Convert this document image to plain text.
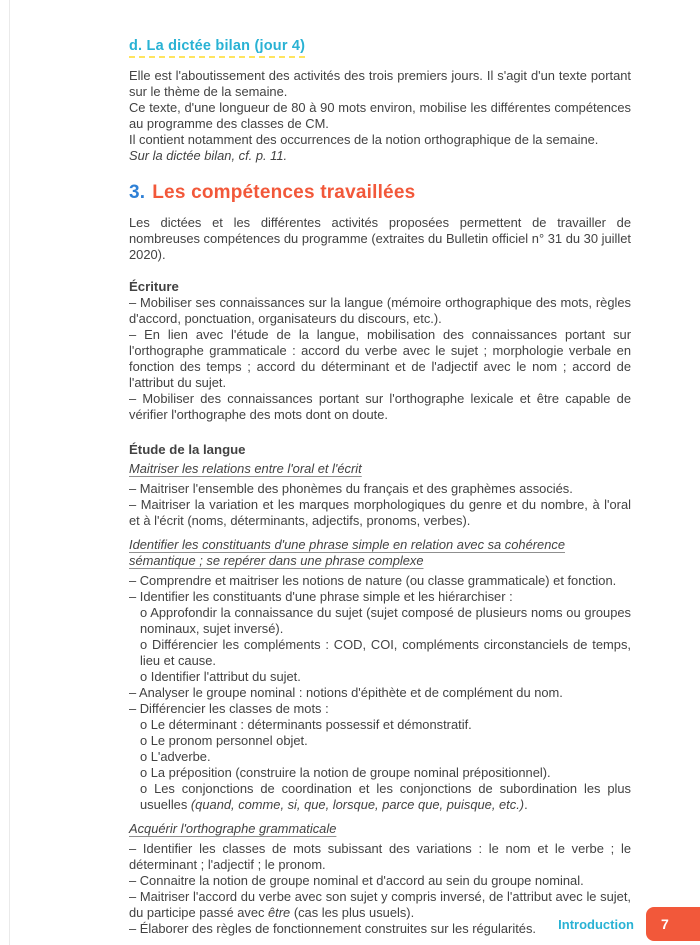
d. La dictée bilan (jour 4)

Elle est l'aboutissement des activités des trois premiers jours. Il s'agit d'un texte portant sur le thème de la semaine.

Ce texte, d'une longueur de 80 à 90 mots environ, mobilise les différentes compétences au programme des classes de CM.

Il contient notamment des occurrences de la notion orthographique de la semaine.

Sur la dictée bilan, cf. p. 11.

3. Les compétences travaillées

Les dictées et les différentes activités proposées permettent de travailler de nombreuses compétences du programme (extraites du Bulletin officiel n° 31 du 30 juillet 2020).

Écriture

– Mobiliser ses connaissances sur la langue (mémoire orthographique des mots, règles d'accord, ponctuation, organisateurs du discours, etc.).

– En lien avec l'étude de la langue, mobilisation des connaissances portant sur l'orthographe grammaticale : accord du verbe avec le sujet ; morphologie verbale en fonction des temps ; accord du déterminant et de l'adjectif avec le nom ; accord de l'attribut du sujet.

– Mobiliser des connaissances portant sur l'orthographe lexicale et être capable de vérifier l'orthographe des mots dont on doute.

Étude de la langue
Maitriser les relations entre l'oral et l'écrit

– Maitriser l'ensemble des phonèmes du français et des graphèmes associés.

– Maitriser la variation et les marques morphologiques du genre et du nombre, à l'oral et à l'écrit (noms, déterminants, adjectifs, pronoms, verbes).

Identifier les constituants d'une phrase simple en relation avec sa cohérence sémantique ; se repérer dans une phrase complexe

– Comprendre et maitriser les notions de nature (ou classe grammaticale) et fonction.

– Identifier les constituants d'une phrase simple et les hiérarchiser :

o Approfondir la connaissance du sujet (sujet composé de plusieurs noms ou groupes nominaux, sujet inversé).

o Différencier les compléments : COD, COI, compléments circonstanciels de temps, lieu et cause.

o Identifier l'attribut du sujet.

– Analyser le groupe nominal : notions d'épithète et de complément du nom.

– Différencier les classes de mots :

o Le déterminant : déterminants possessif et démonstratif.

o Le pronom personnel objet.

o L'adverbe.

o La préposition (construire la notion de groupe nominal prépositionnel).

o Les conjonctions de coordination et les conjonctions de subordination les plus usuelles (quand, comme, si, que, lorsque, parce que, puisque, etc.).

Acquérir l'orthographe grammaticale

– Identifier les classes de mots subissant des variations : le nom et le verbe ; le déterminant ; l'adjectif ; le pronom.

– Connaitre la notion de groupe nominal et d'accord au sein du groupe nominal.

– Maitriser l'accord du verbe avec son sujet y compris inversé, de l'attribut avec le sujet, du participe passé avec être (cas les plus usuels).

– Élaborer des règles de fonctionnement construites sur les régularités.	Introduction 7
